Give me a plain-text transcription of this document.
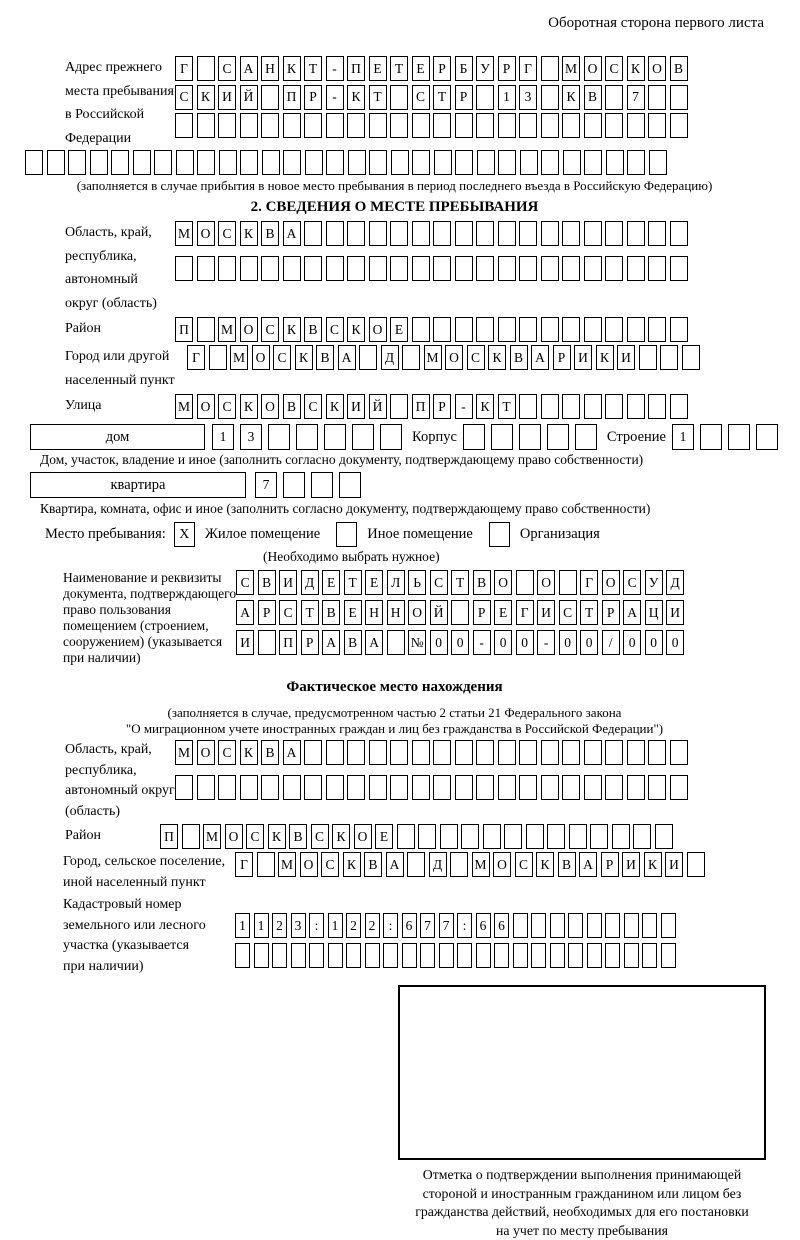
Оборотная сторона первого листа
Адрес прежнего
места пребывания
в Российской
Федерации
Г	С А Н К Т	-	П Е Т Е	Р	Б У Р	Г	М О С К О В
С К И Й	П Р	-	К Т	С Т	Р	1	3	К В	7
(заполняется в случае прибытия в новое место пребывания в период последнего въезда в Российскую Федерацию)
2. СВЕДЕНИЯ О МЕСТЕ ПРЕБЫВАНИЯ
Область, край,
республика,
автономный
округ (область)
М О С К В А
Район	П	М О С К В С К О Е
Город или другой
населенный пункт
Г	М О С К В А	Д	М О С К В А Р И К И
Улица	М О С К О В С К И Й	П Р	-	К Т
дом	1	3	Корпус	Строение	1
Дом, участок, владение и иное (заполнить согласно документу, подтверждающему право собственности)
квартира	7
Квартира, комната, офис и иное (заполнить согласно документу, подтверждающему право собственности)
Место пребывания: X	Жилое помещение	Иное помещение	Организация
(Необходимо выбрать нужное)
Наименование и реквизиты
документа, подтверждающего
право пользования
помещением (строением,
сооружением) (указывается
при наличии)
С В И Д Е Т Е Л Ь С Т В О	О	Г О С У Д
А Р С Т В Е Н Н О Й	Р	Е Г И С Т	Р А Ц И
И	П Р А В А	№ 0	0	-	0	0	-	0	0	/	0	0	0
Фактическое место нахождения
(заполняется в случае, предусмотренном частью 2 статьи 21 Федерального закона
"О миграционном учете иностранных граждан и лиц без гражданства в Российской Федерации")
Область, край,
республика,
автономный округ
(область)
М О С К В А
Район	П	М О С К В С К О Е
Город, сельское поселение,
иной населенный пункт
Г	М О С К В А	Д	М О С К В А Р И К И
Кадастровый номер
земельного или лесного
участка (указывается
при наличии)
1 1 2 3 : 1 2 2 : 6 7 7 : 6 6
Отметка о подтверждении выполнения принимающей
стороной и иностранным гражданином или лицом без
гражданства действий, необходимых для его постановки
на учет по месту пребывания
